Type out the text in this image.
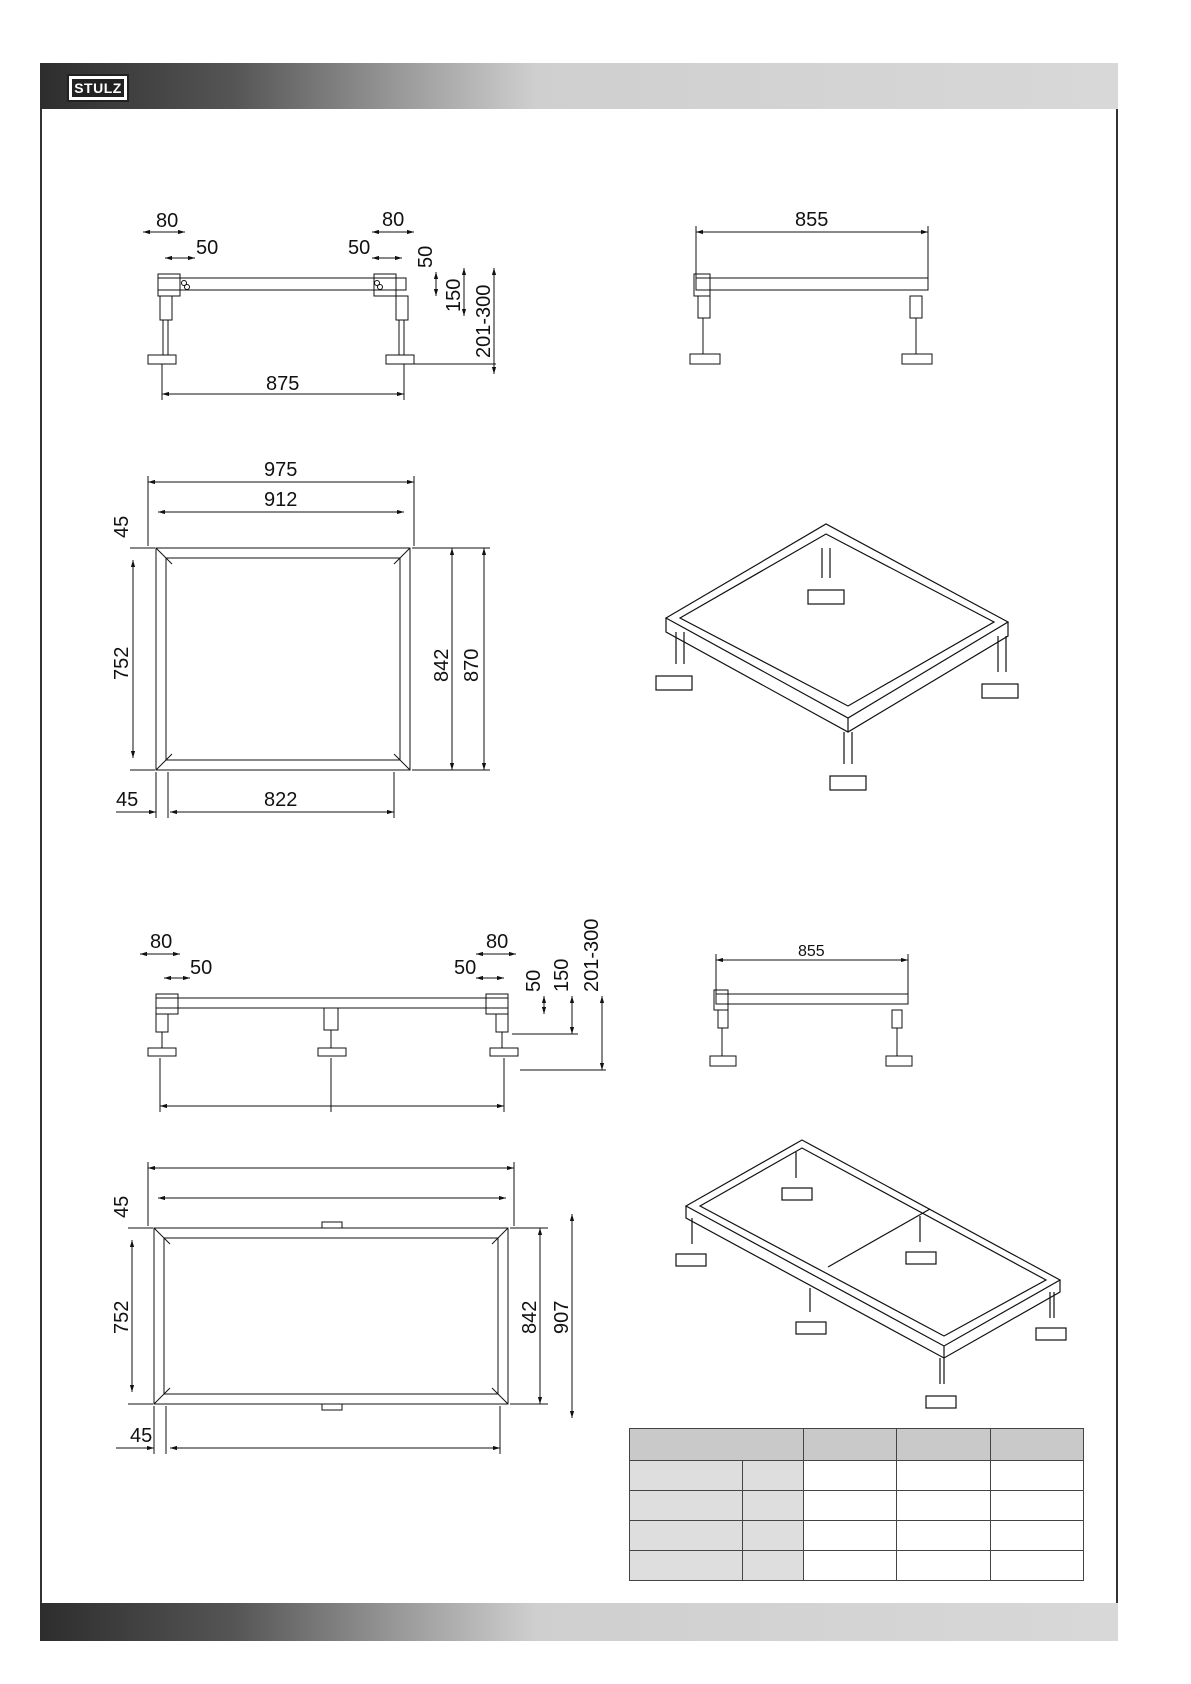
STULZ
80
50
80
50 50
150 201-300
875
855
975
912
45
752	842 870
45	822
80
50
80
50
50 150 201-300
45
752	842 907
45
855
